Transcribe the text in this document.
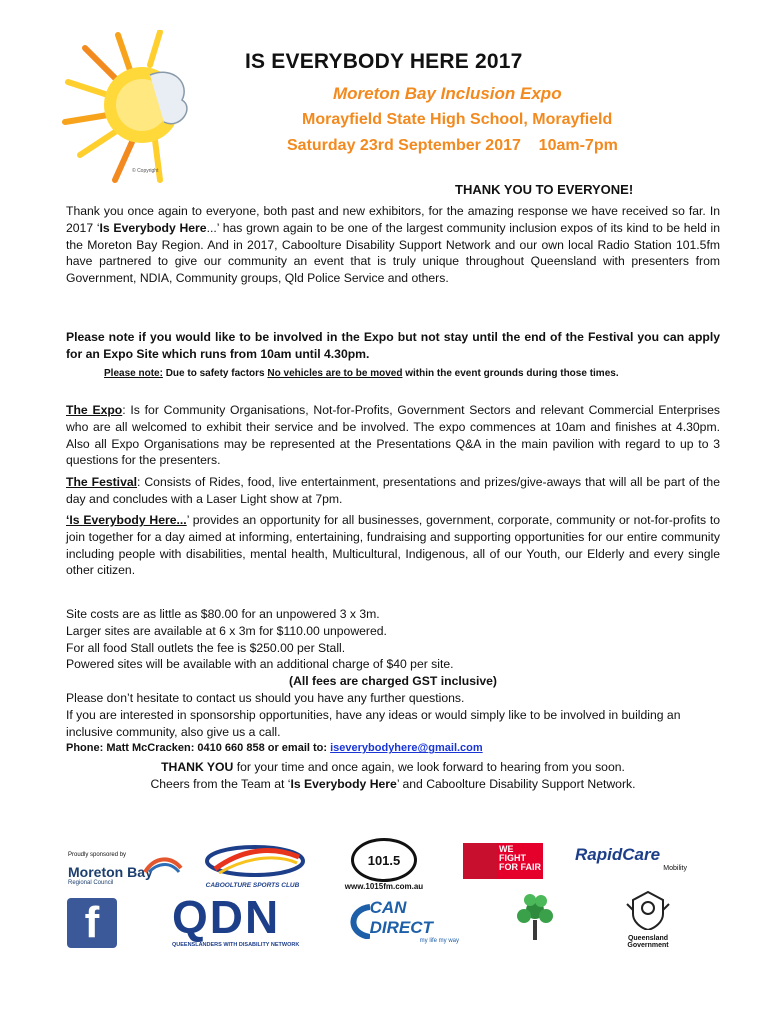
© Copyright
IS EVERYBODY HERE 2017
Moreton Bay Inclusion Expo
Morayfield State High School, Morayfield
Saturday 23rd September 2017 10am-7pm
THANK YOU TO EVERYONE!
Thank you once again to everyone, both past and new exhibitors, for the amazing response we have received so far. In 2017 ‘Is Everybody Here...’ has grown again to be one of the largest community inclusion expos of its kind to be held in the Moreton Bay Region. And in 2017, Caboolture Disability Support Network and our own local Radio Station 101.5fm have partnered to give our community an event that is truly unique throughout Queensland with presenters from Government, NDIA, Community groups, Qld Police Service and others.
Please note if you would like to be involved in the Expo but not stay until the end of the Festival you can apply for an Expo Site which runs from 10am until 4.30pm.
Please note: Due to safety factors No vehicles are to be moved within the event grounds during those times.
The Expo: Is for Community Organisations, Not-for-Profits, Government Sectors and relevant Commercial Enterprises who are all welcomed to exhibit their service and be involved. The expo commences at 10am and finishes at 4.30pm. Also all Expo Organisations may be represented at the Presentations Q&A in the main pavilion with regard to up to 3 questions for the presenters.
The Festival: Consists of Rides, food, live entertainment, presentations and prizes/give-aways that will all be part of the day and concludes with a Laser Light show at 7pm.
‘Is Everybody Here...’ provides an opportunity for all businesses, government, corporate, community or not-for-profits to join together for a day aimed at informing, entertaining, fundraising and supporting opportunities for our entire community including people with disabilities, mental health, Multicultural, Indigenous, all of our Youth, our Elderly and every single other citizen.
Site costs are as little as $80.00 for an unpowered 3 x 3m.
Larger sites are available at 6 x 3m for $110.00 unpowered.
For all food Stall outlets the fee is $250.00 per Stall.
Powered sites will be available with an additional charge of $40 per site.
(All fees are charged GST inclusive)
Please don’t hesitate to contact us should you have any further questions.
If you are interested in sponsorship opportunities, have any ideas or would simply like to be involved in building an inclusive community, also give us a call.
Phone: Matt McCracken: 0410 660 858 or email to: iseverybodyhere@gmail.com
THANK YOU for your time and once again, we look forward to hearing from you soon.
Cheers from the Team at ‘Is Everybody Here’ and Caboolture Disability Support Network.
Proudly sponsored by
Moreton Bay
Regional Council	CABOOLTURE SPORTS CLUB
101.5
www.1015fm.com.au
WE FIGHT FOR FAIR
RapidCare
Mobility
f QDN
QUEENSLANDERS WITH DISABILITY NETWORK
CAN DIRECT
my life my way	Queensland Government
